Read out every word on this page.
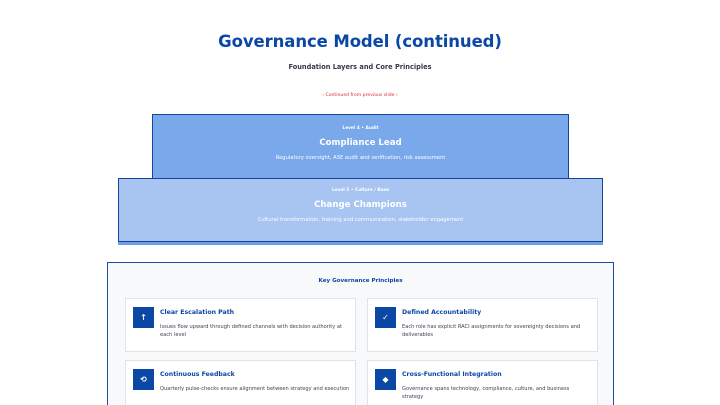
Governance Model (continued)
Foundation Layers and Core Principles
‹ Continued from previous slide ›
Level 4 • Audit
Compliance Lead
Regulatory oversight, ASE audit and verification, risk assessment
Level 5 • Culture / Base
Change Champions
Cultural transformation, training and communication, stakeholder engagement
Key Governance Principles
↑
Clear Escalation Path
Issues flow upward through defined channels with decision authority at each level
✓
Defined Accountability
Each role has explicit RACI assignments for sovereignty decisions and deliverables
⟲
Continuous Feedback
Quarterly pulse-checks ensure alignment between strategy and execution
◆
Cross-Functional Integration
Governance spans technology, compliance, culture, and business strategy
